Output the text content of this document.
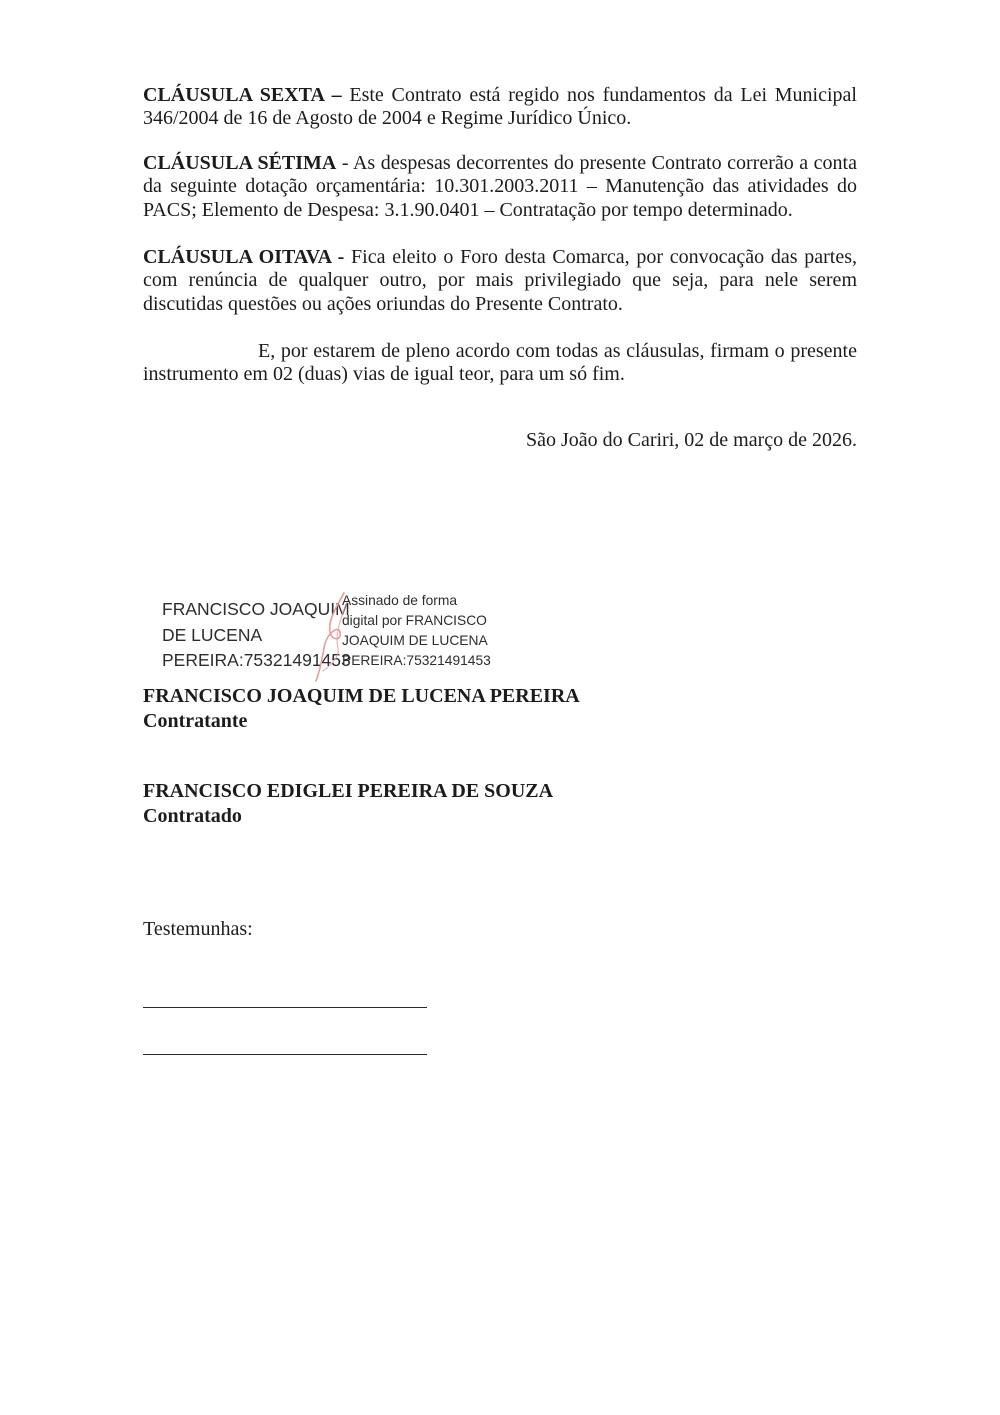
CLÁUSULA SEXTA – Este Contrato está regido nos fundamentos da Lei Municipal 346/2004 de 16 de Agosto de 2004 e Regime Jurídico Único.

CLÁUSULA SÉTIMA - As despesas decorrentes do presente Contrato correrão a conta da seguinte dotação orçamentária: 10.301.2003.2011 – Manutenção das atividades do PACS; Elemento de Despesa: 3.1.90.0401 – Contratação por tempo determinado.

CLÁUSULA OITAVA - Fica eleito o Foro desta Comarca, por convocação das partes, com renúncia de qualquer outro, por mais privilegiado que seja, para nele serem discutidas questões ou ações oriundas do Presente Contrato.

E, por estarem de pleno acordo com todas as cláusulas, firmam o presente instrumento em 02 (duas) vias de igual teor, para um só fim.

São João do Cariri, 02 de março de 2026.

FRANCISCO JOAQUIM
DE LUCENA
PEREIRA:75321491453
Assinado de forma
digital por FRANCISCO
JOAQUIM DE LUCENA
PEREIRA:75321491453
FRANCISCO JOAQUIM DE LUCENA PEREIRA
Contratante
FRANCISCO EDIGLEI PEREIRA DE SOUZA
Contratado

Testemunhas:
